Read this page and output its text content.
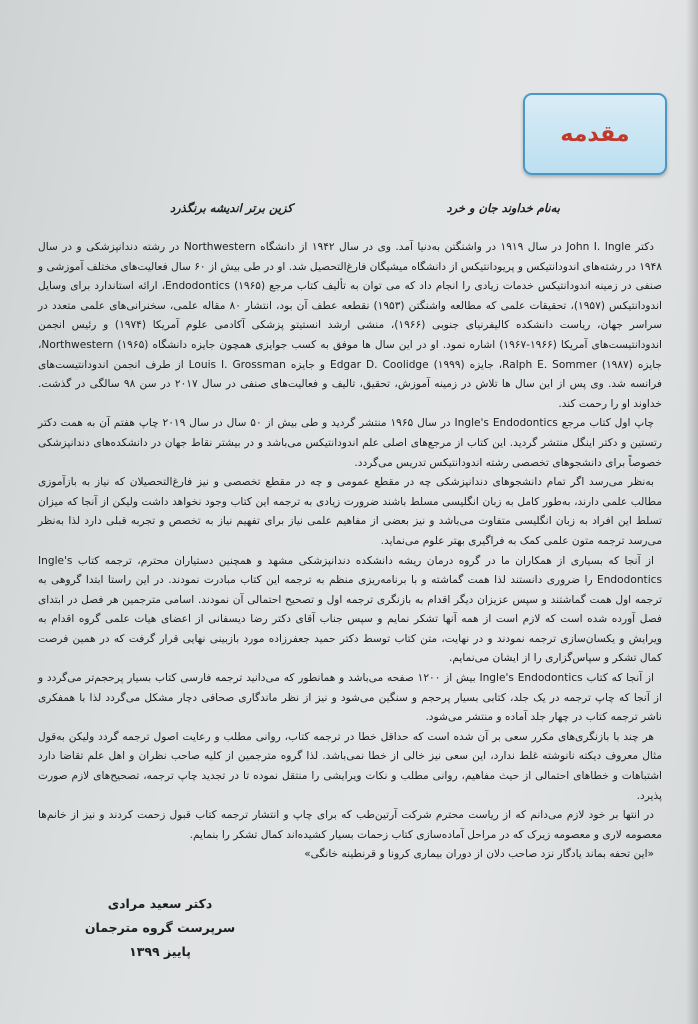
مقدمه
به‌نام خداوند جان و خرد
کزین برتر اندیشه برنگذرد

دکتر John I. Ingle در سال ۱۹۱۹ در واشنگتن به‌دنیا آمد. وی در سال ۱۹۴۲ از دانشگاه Northwestern در رشته دندانپزشکی و در سال ۱۹۴۸ در رشته‌های اندودانتیکس و پریودانتیکس از دانشگاه میشیگان فارغ‌التحصیل شد. او در طی بیش از ۶۰ سال فعالیت‌های مختلف آموزشی و صنفی در زمینه اندودانتیکس خدمات زیادی را انجام داد که می توان به تألیف کتاب مرجع Endodontics (۱۹۶۵)، ارائه استاندارد برای وسایل اندودانتیکس (۱۹۵۷)، تحقیقات علمی که مطالعه واشنگتن (۱۹۵۳) نقطعه عطف آن بود، انتشار ۸۰ مقاله علمی، سخنرانی‌های علمی متعدد در سراسر جهان، ریاست دانشکده کالیفرنیای جنوبی (۱۹۶۶)، منشی ارشد انستیتو پزشکی آکادمی علوم آمریکا (۱۹۷۴) و رئیس انجمن اندودانتیست‌های آمریکا (۱۹۶۶-۱۹۶۷) اشاره نمود. او در این سال ها موفق به کسب جوایزی همچون جایزه دانشگاه Northwestern (۱۹۶۵)، جایزه Ralph E. Sommer (۱۹۸۷)، جایزه Edgar D. Coolidge (۱۹۹۹) و جایزه Louis I. Grossman از طرف انجمن اندودانتیست‌های فرانسه شد. وی پس از این سال ها تلاش در زمینه آموزش، تحقیق، تالیف و فعالیت‌های صنفی در سال ۲۰۱۷ در سن ۹۸ سالگی در گذشت. خداوند او را رحمت کند.

چاپ اول کتاب مرجع Ingle's Endodontics در سال ۱۹۶۵ منتشر گردید و طی بیش از ۵۰ سال در سال ۲۰۱۹ چاپ هفتم آن به همت دکتر رتستین و دکتر اینگل منتشر گردید. این کتاب از مرجع‌های اصلی علم اندودانتیکس می‌باشد و در بیشتر نقاط جهان در دانشکده‌های دندانپزشکی خصوصاً برای دانشجوهای تخصصی رشته اندودانتیکس تدریس می‌گردد.

به‌نظر می‌رسد اگر تمام دانشجوهای دندانپزشکی چه در مقطع عمومی و چه در مقطع تخصصی و نیز فارغ‌التحصیلان که نیاز به بازآموزی مطالب علمی دارند، به‌طور کامل به زبان انگلیسی مسلط باشند ضرورت زیادی به ترجمه این کتاب وجود نخواهد داشت ولیکن از آنجا که میزان تسلط این افراد به زبان انگلیسی متفاوت می‌باشد و نیز بعضی از مفاهیم علمی نیاز برای تفهیم نیاز به تخصص و تجربه قبلی دارد لذا به‌نظر می‌رسد ترجمه متون علمی کمک به فراگیری بهتر علوم می‌نماید.

از آنجا که بسیاری از همکاران ما در گروه درمان ریشه دانشکده دندانپزشکی مشهد و همچنین دستیاران محترم، ترجمه کتاب Ingle's Endodontics را ضروری دانستند لذا همت گماشته و با برنامه‌ریزی منظم به ترجمه این کتاب مبادرت نمودند. در این راستا ابتدا گروهی به ترجمه اول همت گماشتند و سپس عزیزان دیگر اقدام به بازنگری ترجمه اول و تصحیح احتمالی آن نمودند. اسامی مترجمین هر فصل در ابتدای فصل آورده شده است که لازم است از همه آنها تشکر نمایم و سپس جناب آقای دکتر رضا دیسفانی از اعضای هیات علمی گروه اقدام به ویرایش و یکسان‌سازی ترجمه نمودند و در نهایت، متن کتاب توسط دکتر حمید جعفرزاده مورد بازبینی نهایی قرار گرفت که در همین فرصت کمال تشکر و سپاس‌گزاری را از ایشان می‌نمایم.

از آنجا که کتاب Ingle's Endodontics بیش از ۱۲۰۰ صفحه می‌باشد و همانطور که می‌دانید ترجمه فارسی کتاب بسیار پرحجم‌تر می‌گردد و از آنجا که چاپ ترجمه در یک جلد، کتابی بسیار پرحجم و سنگین می‌شود و نیز از نظر ماندگاری صحافی دچار مشکل می‌گردد لذا با همفکری ناشر ترجمه کتاب در چهار جلد آماده و منتشر می‌شود.

هر چند با بازنگری‌های مکرر سعی بر آن شده است که حداقل خطا در ترجمه کتاب، روانی مطلب و رعایت اصول ترجمه گردد ولیکن به‌قول مثال معروف دیکته نانوشته غلط ندارد، این سعی نیز خالی از خطا نمی‌باشد. لذا گروه مترجمین از کلیه صاحب نظران و اهل علم تقاضا دارد اشتباهات و خطاهای احتمالی از حیث مفاهیم، روانی مطلب و نکات ویرایشی را منتقل نموده تا در تجدید چاپ ترجمه، تصحیح‌های لازم صورت پذیرد.

در انتها بر خود لازم می‌دانم که از ریاست محترم شرکت آرتین‌طب که برای چاپ و انتشار ترجمه کتاب قبول زحمت کردند و نیز از خانم‌ها معصومه لاری و معصومه زیرک که در مراحل آماده‌سازی کتاب زحمات بسیار کشیده‌اند کمال تشکر را بنمایم.

«این تحفه بماند یادگار نزد صاحب دلان از دوران بیماری کرونا و قرنطینه خانگی»

دکتر سعید مرادی
سرپرست گروه مترجمان
پاییز ۱۳۹۹
